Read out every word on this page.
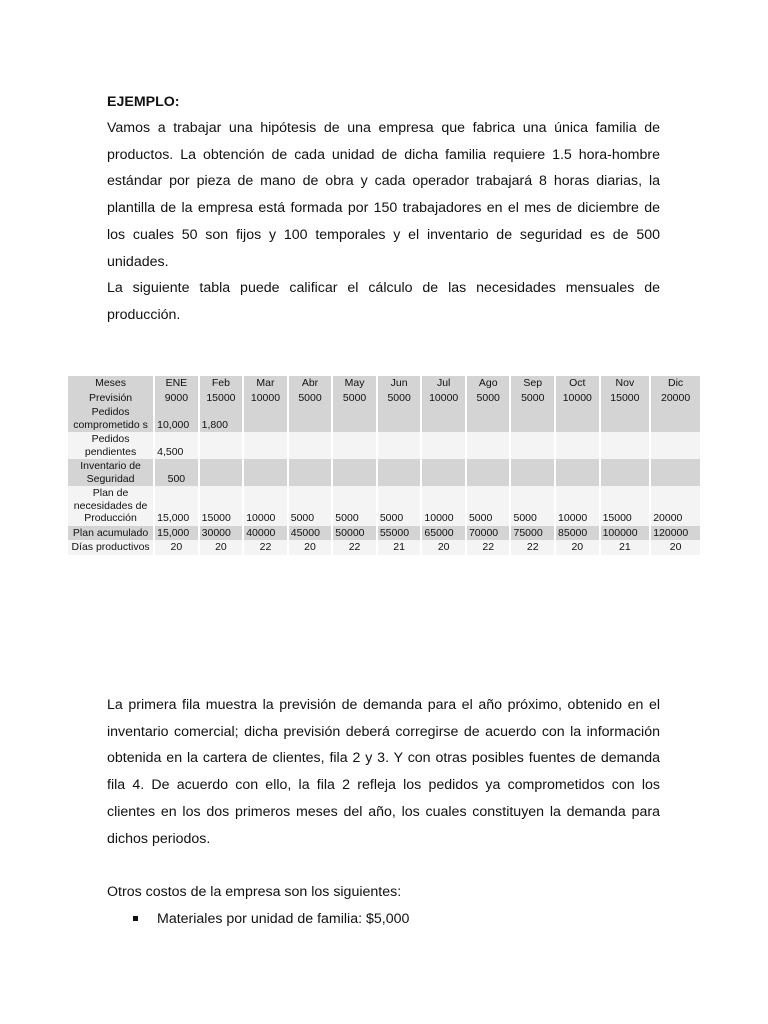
EJEMPLO:

Vamos a trabajar una hipótesis de una empresa que fabrica una única familia de productos. La obtención de cada unidad de dicha familia requiere 1.5 hora-hombre estándar por pieza de mano de obra y cada operador trabajará 8 horas diarias, la plantilla de la empresa está formada por 150 trabajadores en el mes de diciembre de los cuales 50 son fijos y 100 temporales y el inventario de seguridad es de 500 unidades.

La siguiente tabla puede calificar el cálculo de las necesidades mensuales de producción.

Meses	ENE	Feb	Mar	Abr	May	Jun	Jul	Ago	Sep	Oct	Nov	Dic
Previsión	9000	15000	10000	5000	5000	5000	10000	5000	5000	10000	15000	20000
Pedidos comprometido s	10,000	1,800										
Pedidos pendientes	4,500											
Inventario de Seguridad	500											
Plan de necesidades de Producción	15,000	15000	10000	5000	5000	5000	10000	5000	5000	10000	15000	20000
Plan acumulado	15,000	30000	40000	45000	50000	55000	65000	70000	75000	85000	100000	120000
Días productivos	20	20	22	20	22	21	20	22	22	20	21	20

La primera fila muestra la previsión de demanda para el año próximo, obtenido en el inventario comercial; dicha previsión deberá corregirse de acuerdo con la información obtenida en la cartera de clientes, fila 2 y 3. Y con otras posibles fuentes de demanda fila 4. De acuerdo con ello, la fila 2 refleja los pedidos ya comprometidos con los clientes en los dos primeros meses del año, los cuales constituyen la demanda para dichos periodos.

Otros costos de la empresa son los siguientes:
Materiales por unidad de familia: $5,000
